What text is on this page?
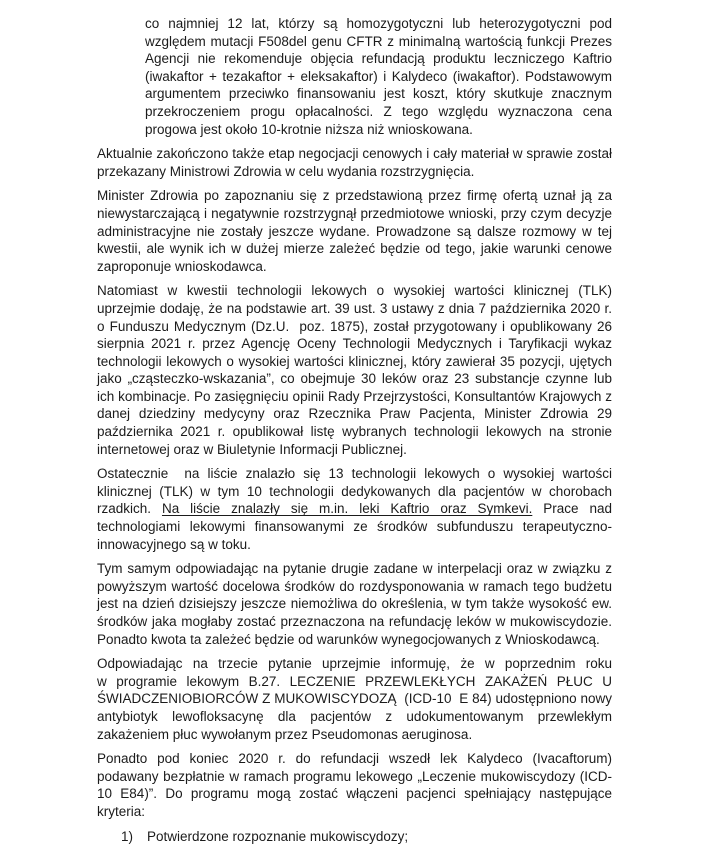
co najmniej 12 lat, którzy są homozygotyczni lub heterozygotyczni pod względem mutacji F508del genu CFTR z minimalną wartością funkcji Prezes Agencji nie rekomenduje objęcia refundacją produktu leczniczego Kaftrio (iwakaftor + tezakaftor + eleksakaftor) i Kalydeco (iwakaftor). Podstawowym argumentem przeciwko finansowaniu jest koszt, który skutkuje znacznym przekroczeniem progu opłacalności. Z tego względu wyznaczona cena progowa jest około 10-krotnie niższa niż wnioskowana.

Aktualnie zakończono także etap negocjacji cenowych i cały materiał w sprawie został przekazany Ministrowi Zdrowia w celu wydania rozstrzygnięcia.

Minister Zdrowia po zapoznaniu się z przedstawioną przez firmę ofertą uznał ją za niewystarczającą i negatywnie rozstrzygnął przedmiotowe wnioski, przy czym decyzje administracyjne nie zostały jeszcze wydane. Prowadzone są dalsze rozmowy w tej kwestii, ale wynik ich w dużej mierze zależeć będzie od tego, jakie warunki cenowe zaproponuje wnioskodawca.

Natomiast w kwestii technologii lekowych o wysokiej wartości klinicznej (TLK) uprzejmie dodaję, że na podstawie art. 39 ust. 3 ustawy z dnia 7 października 2020 r. o Funduszu Medycznym (Dz.U.  poz. 1875), został przygotowany i opublikowany 26 sierpnia 2021 r. przez Agencję Oceny Technologii Medycznych i Taryfikacji wykaz technologii lekowych o wysokiej wartości klinicznej, który zawierał 35 pozycji, ujętych jako „cząsteczko-wskazania”, co obejmuje 30 leków oraz 23 substancje czynne lub ich kombinacje. Po zasięgnięciu opinii Rady Przejrzystości, Konsultantów Krajowych z danej dziedziny medycyny oraz Rzecznika Praw Pacjenta, Minister Zdrowia 29 października 2021 r. opublikował listę wybranych technologii lekowych na stronie internetowej oraz w Biuletynie Informacji Publicznej.

Ostatecznie  na liście znalazło się 13 technologii lekowych o wysokiej wartości klinicznej (TLK) w tym 10 technologii dedykowanych dla pacjentów w chorobach rzadkich. Na liście znalazły się m.in. leki Kaftrio oraz Symkevi. Prace nad technologiami lekowymi finansowanymi ze środków subfunduszu terapeutyczno-innowacyjnego są w toku.

Tym samym odpowiadając na pytanie drugie zadane w interpelacji oraz w związku z powyższym wartość docelowa środków do rozdysponowania w ramach tego budżetu jest na dzień dzisiejszy jeszcze niemożliwa do określenia, w tym także wysokość ew. środków jaka mogłaby zostać przeznaczona na refundację leków w mukowiscydozie. Ponadto kwota ta zależeć będzie od warunków wynegocjowanych z Wnioskodawcą.

Odpowiadając na trzecie pytanie uprzejmie informuję, że w poprzednim roku w programie lekowym B.27. LECZENIE PRZEWLEKŁYCH ZAKAŻEŃ PŁUC U ŚWIADCZENIOBIORCÓW Z MUKOWISCYDOZĄ  (ICD-10  E 84) udostępniono nowy antybiotyk lewofloksacynę dla pacjentów z udokumentowanym przewlekłym zakażeniem płuc wywołanym przez Pseudomonas aeruginosa.

Ponadto pod koniec 2020 r. do refundacji wszedł lek Kalydeco (Ivacaftorum) podawany bezpłatnie w ramach programu lekowego „Leczenie mukowiscydozy (ICD-10 E84)”. Do programu mogą zostać włączeni pacjenci spełniający następujące kryteria:

1) Potwierdzone rozpoznanie mukowiscydozy;
